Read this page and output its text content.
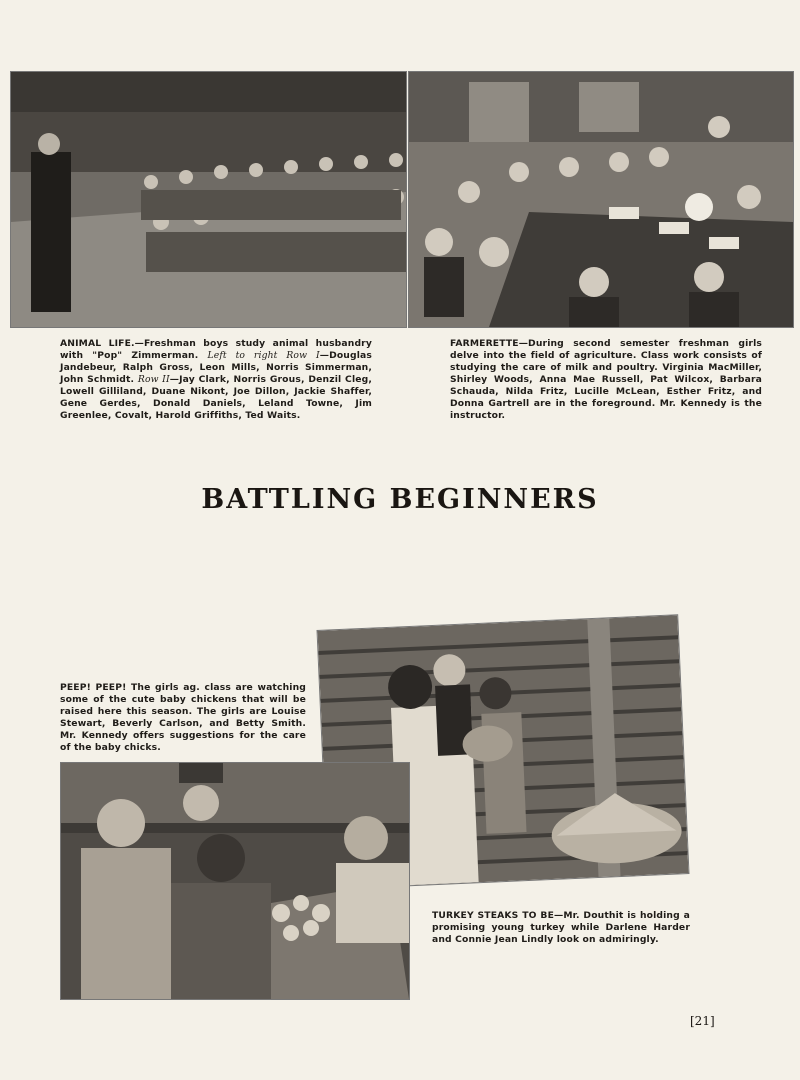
ANIMAL LIFE.—Freshman boys study animal husbandry with "Pop" Zimmerman. Left to right Row I—Douglas Jandebeur, Ralph Gross, Leon Mills, Norris Simmerman, John Schmidt. Row II—Jay Clark, Norris Grous, Denzil Cleg, Lowell Gilliland, Duane Nikont, Joe Dillon, Jackie Shaffer, Gene Gerdes, Donald Daniels, Leland Towne, Jim Greenlee, Covalt, Harold Griffiths, Ted Waits.
FARMERETTE—During second semester freshman girls delve into the field of agriculture. Class work consists of studying the care of milk and poultry. Virginia MacMiller, Shirley Woods, Anna Mae Russell, Pat Wilcox, Barbara Schauda, Nilda Fritz, Lucille McLean, Esther Fritz, and Donna Gartrell are in the foreground. Mr. Kennedy is the instructor.
BATTLING BEGINNERS
PEEP! PEEP! The girls ag. class are watching some of the cute baby chickens that will be raised here this season. The girls are Louise Stewart, Beverly Carlson, and Betty Smith. Mr. Kennedy offers suggestions for the care of the baby chicks.
TURKEY STEAKS TO BE—Mr. Douthit is holding a promising young turkey while Darlene Harder and Connie Jean Lindly look on admiringly.
[21]
